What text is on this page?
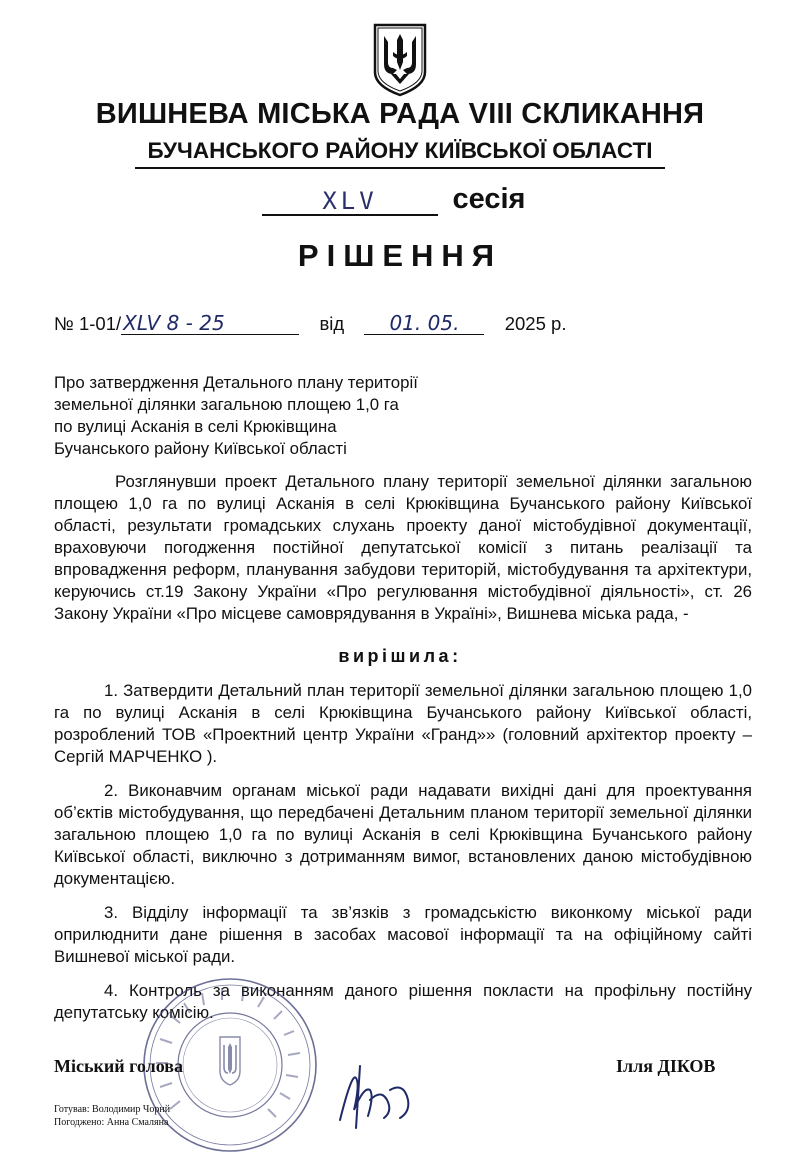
ВИШНЕВА МІСЬКА РАДА VIII СКЛИКАННЯ
БУЧАНСЬКОГО РАЙОНУ КИЇВСЬКОЇ ОБЛАСТІ
XLV	сесія
РІШЕННЯ
№ 1-01/ XLV 8 - 25	від 01. 05. 2025 р.
Про затвердження Детального плану території
земельної ділянки загальною площею 1,0 га
по вулиці Асканія в селі Крюківщина
Бучанського району Київської області
Розглянувши проект Детального плану території земельної ділянки загальною площею 1,0 га по вулиці Асканія в селі Крюківщина Бучанського району Київської області, результати громадських слухань проекту даної містобудівної документації, враховуючи погодження постійної депутатської комісії з питань реалізації та впровадження реформ, планування забудови територій, містобудування та архітектури, керуючись ст.19 Закону України «Про регулювання містобудівної діяльності», ст. 26 Закону України «Про місцеве самоврядування в Україні», Вишнева міська рада, -
вирішила:
1. Затвердити Детальний план території земельної ділянки загальною площею 1,0 га по вулиці Асканія в селі Крюківщина Бучанського району Київської області, розроблений ТОВ «Проектний центр України «Гранд»» (головний архітектор проекту – Сергій МАРЧЕНКО ).
2. Виконавчим органам міської ради надавати вихідні дані для проектування об’єктів містобудування, що передбачені Детальним планом території земельної ділянки загальною площею 1,0 га по вулиці Асканія в селі Крюківщина Бучанського району Київської області, виключно з дотриманням вимог, встановлених даною містобудівною документацією.
3. Відділу інформації та зв’язків з громадськістю виконкому міської ради оприлюднити дане рішення в засобах масової інформації та на офіційному сайті Вишневої міської ради.
4. Контроль за виконанням даного рішення покласти на профільну постійну депутатську комісію.
Міський голова	Ілля ДІКОВ
Готував: Володимир Чорнй
Погоджено: Анна Смаляна
